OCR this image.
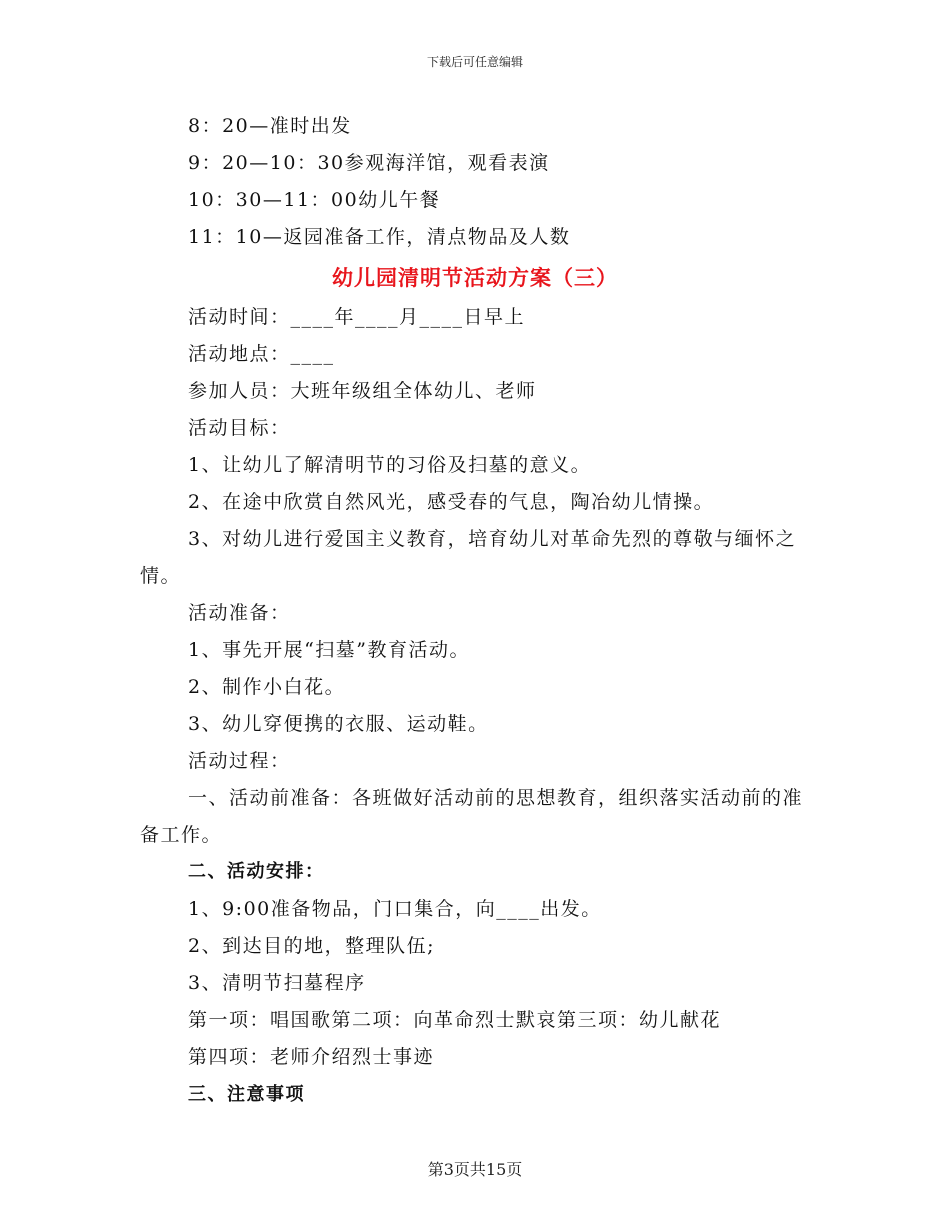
下载后可任意编辑
8：20—准时出发
9：20—10：30参观海洋馆，观看表演
10：30—11：00幼儿午餐
11：10—返园准备工作，清点物品及人数
幼儿园清明节活动方案（三）
活动时间：____年____月____日早上
活动地点：____
参加人员：大班年级组全体幼儿、老师
活动目标：
1、让幼儿了解清明节的习俗及扫墓的意义。
2、在途中欣赏自然风光，感受春的气息，陶冶幼儿情操。
3、对幼儿进行爱国主义教育，培育幼儿对革命先烈的尊敬与缅怀之情。
活动准备：
1、事先开展“扫墓”教育活动。
2、制作小白花。
3、幼儿穿便携的衣服、运动鞋。
活动过程：
一、活动前准备：各班做好活动前的思想教育，组织落实活动前的准备工作。
二、活动安排：
1、9:00准备物品，门口集合，向____出发。
2、到达目的地，整理队伍;
3、清明节扫墓程序
第一项：唱国歌第二项：向革命烈士默哀第三项：幼儿献花
第四项：老师介绍烈士事迹
三、注意事项
第3页共15页
